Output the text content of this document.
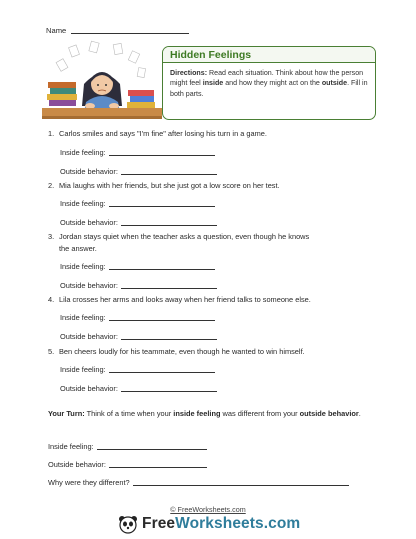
Name
Hidden Feelings
Directions: Read each situation. Think about how the person might feel inside and how they might act on the outside. Fill in both parts.
1. Carlos smiles and says "I'm fine" after losing his turn in a game.
Inside feeling:
Outside behavior:
2. Mia laughs with her friends, but she just got a low score on her test.
Inside feeling:
Outside behavior:
3. Jordan stays quiet when the teacher asks a question, even though he knows
the answer.
Inside feeling:
Outside behavior:
4. Lila crosses her arms and looks away when her friend talks to someone else.
Inside feeling:
Outside behavior:
5. Ben cheers loudly for his teammate, even though he wanted to win himself.
Inside feeling:
Outside behavior:
Your Turn: Think of a time when your inside feeling was different from your outside behavior.
Inside feeling:
Outside behavior:
Why were they different?
© FreeWorksheets.com
FreeWorksheets.com
